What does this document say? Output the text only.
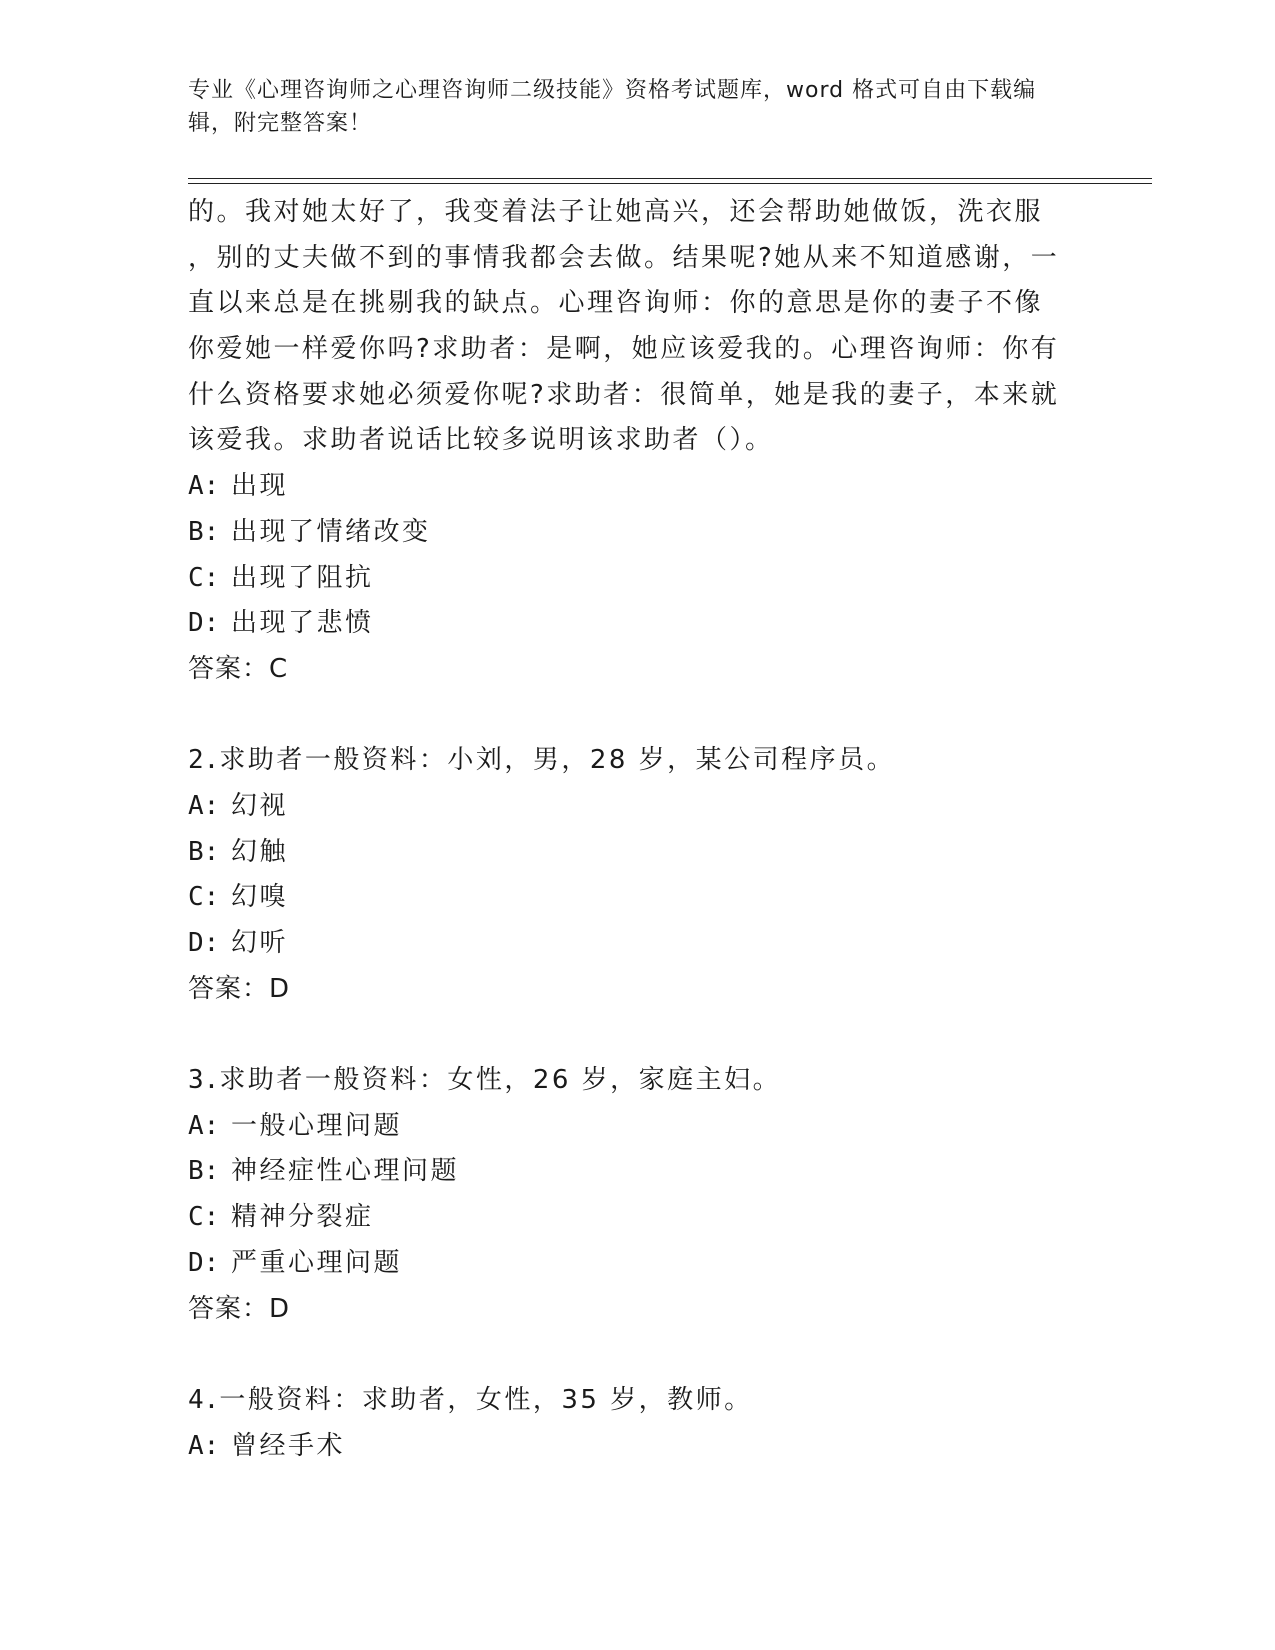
专业《心理咨询师之心理咨询师二级技能》资格考试题库，word 格式可自由下载编辑，附完整答案！
的。我对她太好了，我变着法子让她高兴，还会帮助她做饭，洗衣服
，别的丈夫做不到的事情我都会去做。结果呢?她从来不知道感谢，一
直以来总是在挑剔我的缺点。心理咨询师：你的意思是你的妻子不像
你爱她一样爱你吗?求助者：是啊，她应该爱我的。心理咨询师：你有
什么资格要求她必须爱你呢?求助者：很简单，她是我的妻子，本来就
该爱我。求助者说话比较多说明该求助者（）。
A: 出现
B: 出现了情绪改变
C: 出现了阻抗
D: 出现了悲愤
答案：C
2.求助者一般资料：小刘，男，28 岁，某公司程序员。
A: 幻视
B: 幻触
C: 幻嗅
D: 幻听
答案：D
3.求助者一般资料：女性，26 岁，家庭主妇。
A: 一般心理问题
B: 神经症性心理问题
C: 精神分裂症
D: 严重心理问题
答案：D
4.一般资料：求助者，女性，35 岁，教师。
A: 曾经手术
